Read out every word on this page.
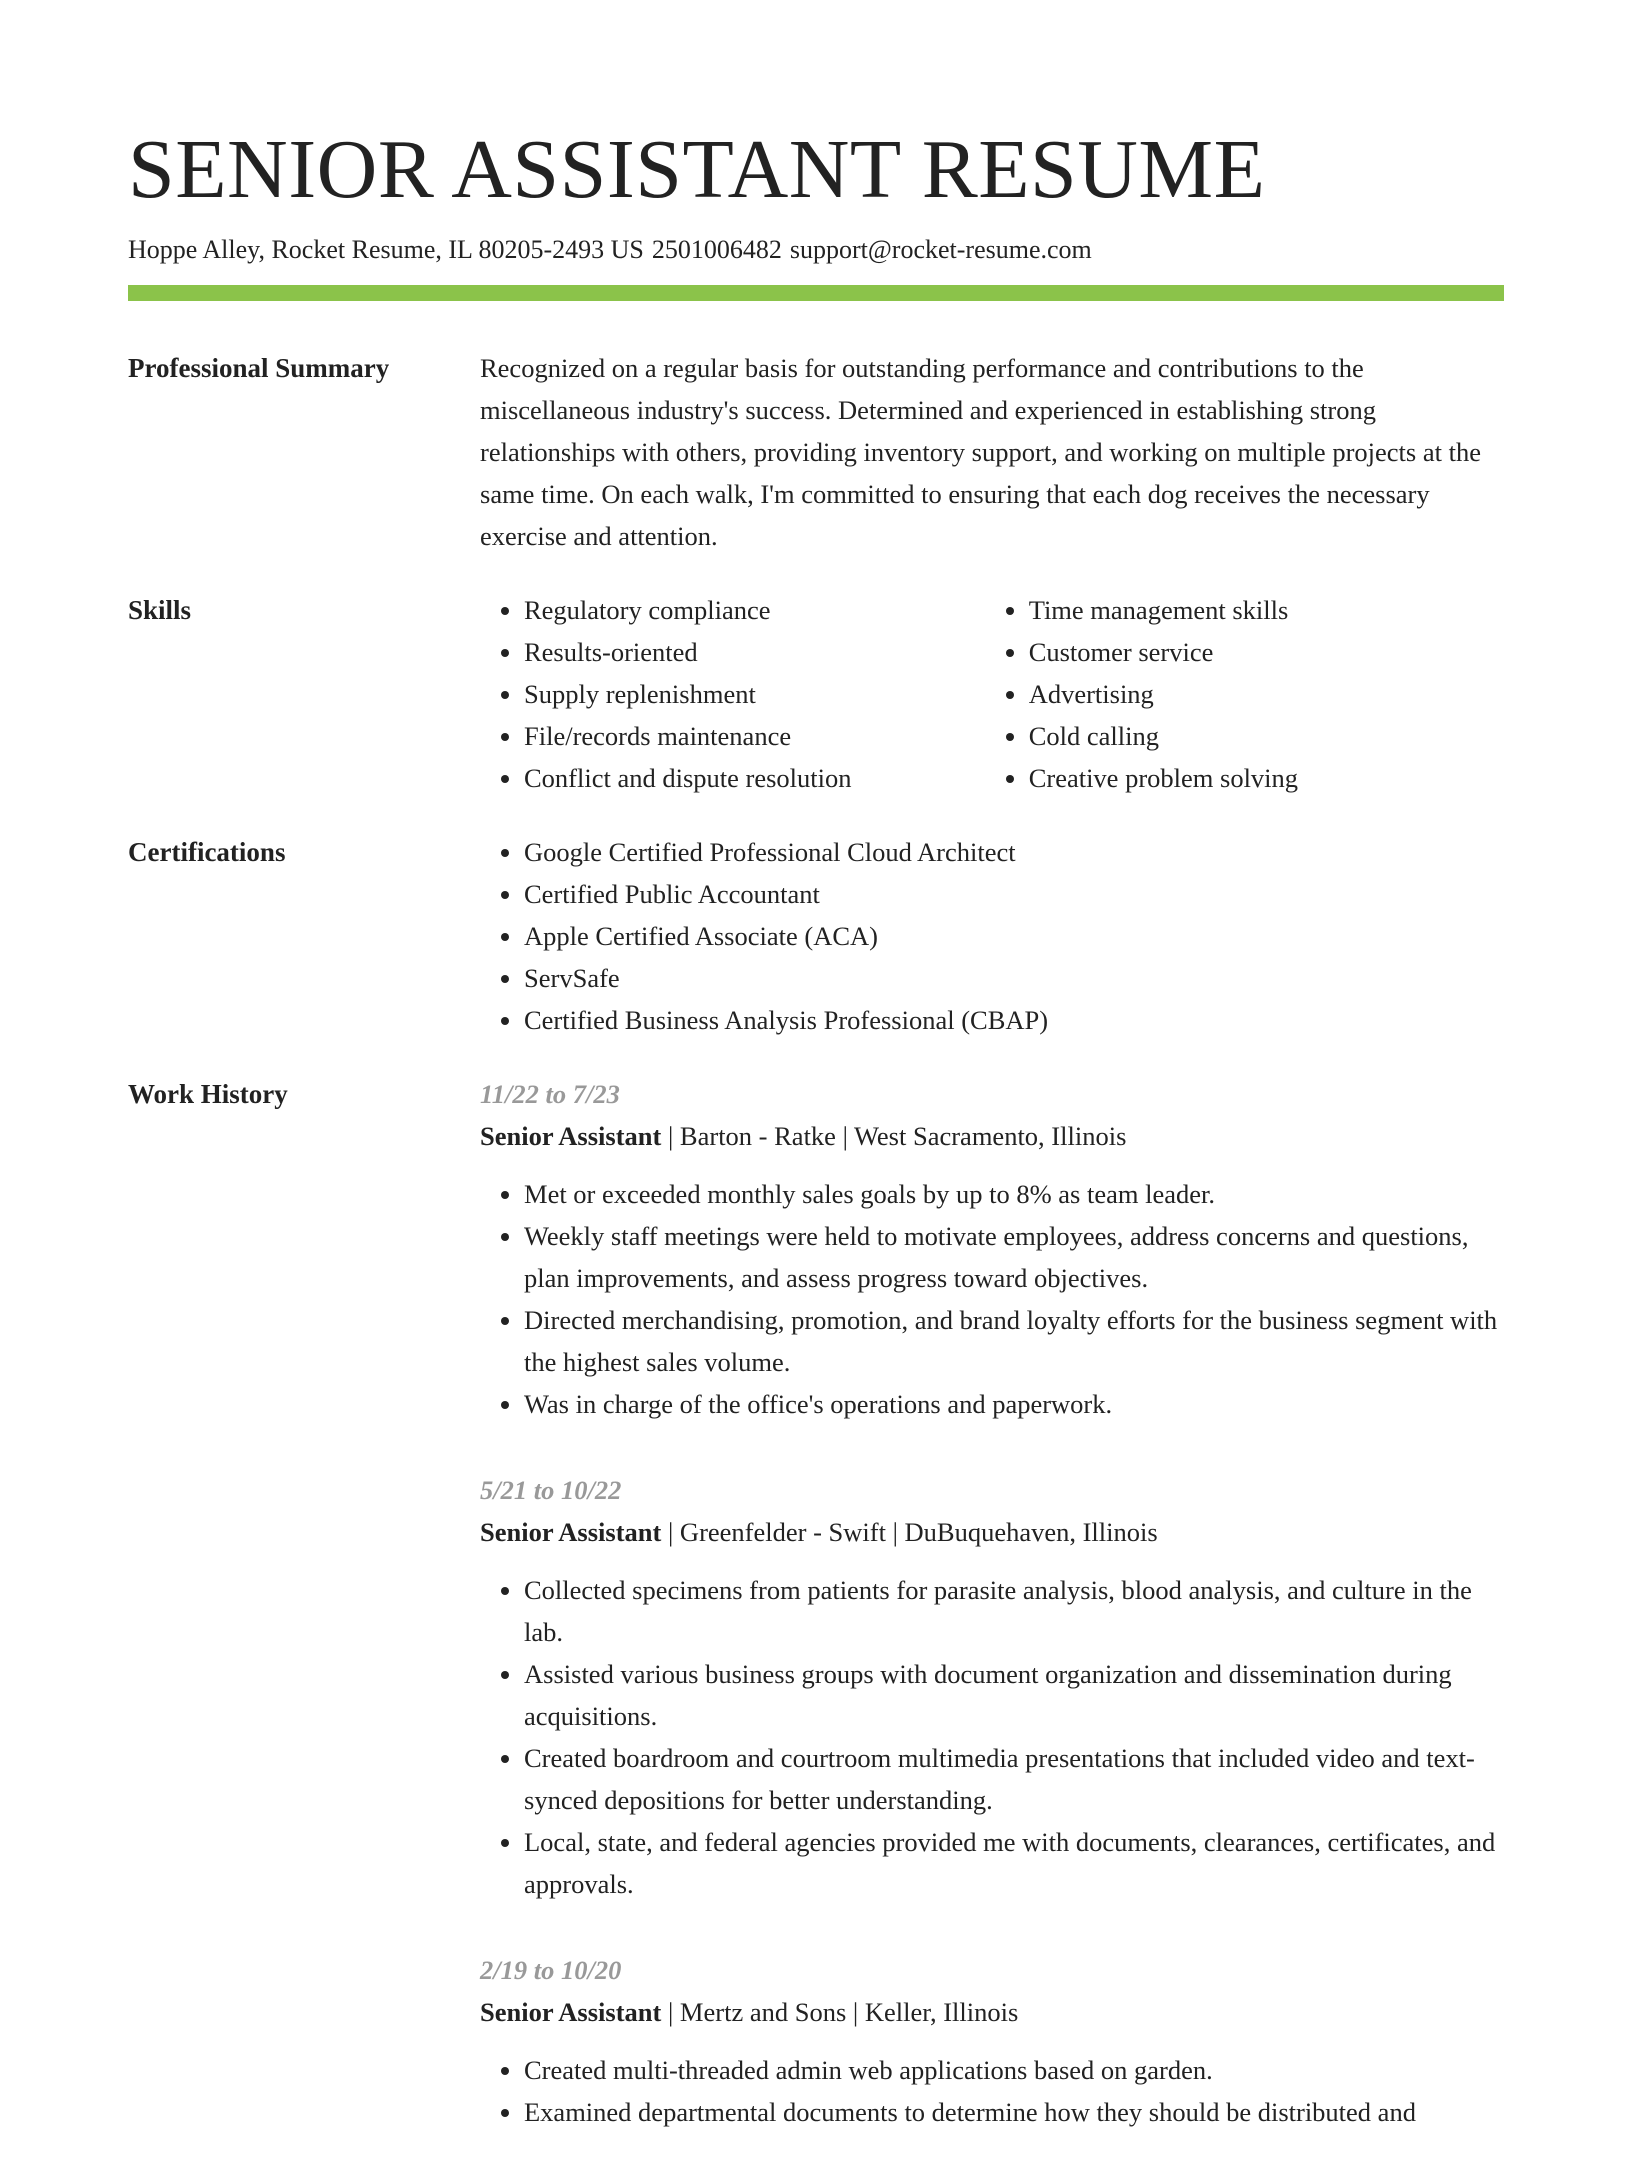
SENIOR ASSISTANT RESUME
Hoppe Alley, Rocket Resume, IL 80205-2493 US 2501006482 support@rocket-resume.com
Professional Summary	Recognized on a regular basis for outstanding performance and contributions to the miscellaneous industry's success. Determined and experienced in establishing strong relationships with others, providing inventory support, and working on multiple projects at the same time. On each walk, I'm committed to ensuring that each dog receives the necessary exercise and attention.

Skills	• Regulatory compliance
• Results-oriented
• Supply replenishment
• File/records maintenance
• Conflict and dispute resolution
• Time management skills
• Customer service
• Advertising
• Cold calling
• Creative problem solving
Certifications	• Google Certified Professional Cloud Architect
• Certified Public Accountant
• Apple Certified Associate (ACA)
• ServSafe
• Certified Business Analysis Professional (CBAP)
Work History	11/22 to 7/23
Senior Assistant | Barton - Ratke | West Sacramento, Illinois
• Met or exceeded monthly sales goals by up to 8% as team leader.
• Weekly staff meetings were held to motivate employees, address concerns and questions, plan improvements, and assess progress toward objectives.
• Directed merchandising, promotion, and brand loyalty efforts for the business segment with the highest sales volume.
• Was in charge of the office's operations and paperwork.
5/21 to 10/22
Senior Assistant | Greenfelder - Swift | DuBuquehaven, Illinois
• Collected specimens from patients for parasite analysis, blood analysis, and culture in the lab.
• Assisted various business groups with document organization and dissemination during acquisitions.
• Created boardroom and courtroom multimedia presentations that included video and text-synced depositions for better understanding.
• Local, state, and federal agencies provided me with documents, clearances, certificates, and approvals.
2/19 to 10/20
Senior Assistant | Mertz and Sons | Keller, Illinois
• Created multi-threaded admin web applications based on garden.
• Examined departmental documents to determine how they should be distributed and
